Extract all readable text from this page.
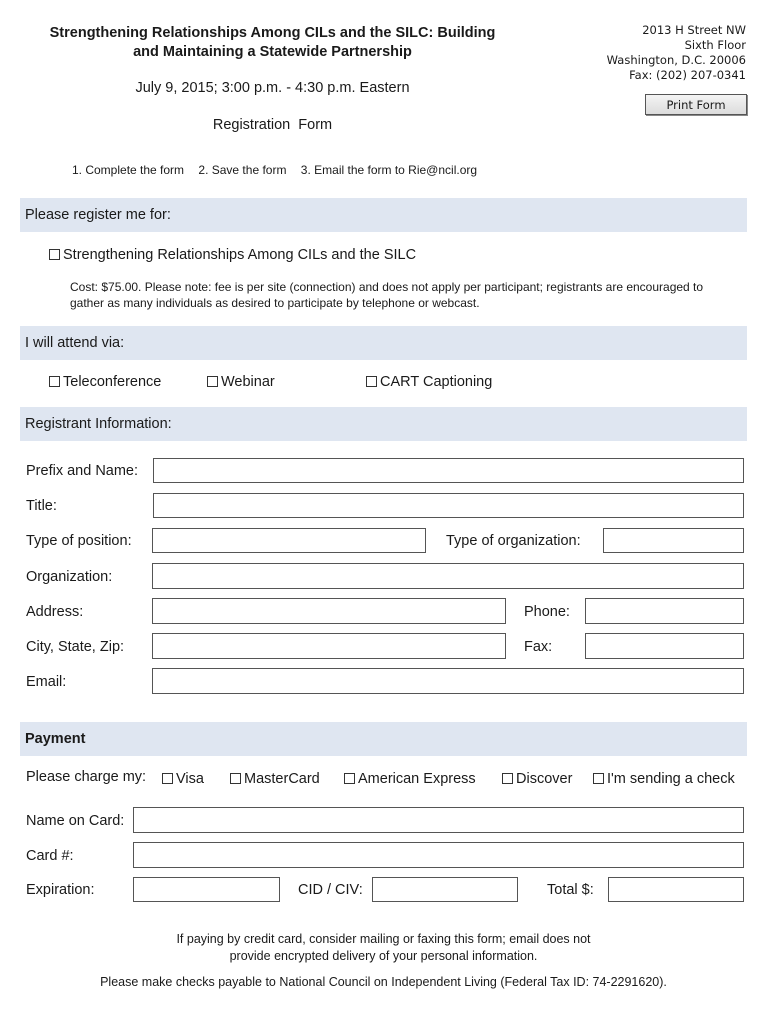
Strengthening Relationships Among CILs and the SILC: Building
and Maintaining a Statewide Partnership
July 9, 2015; 3:00 p.m. - 4:30 p.m. Eastern
Registration  Form
2013 H Street NW
Sixth Floor
Washington, D.C. 20006
Fax: (202) 207-0341
Print Form
1. Complete the form 2. Save the form 3. Email the form to Rie@ncil.org
Please register me for:
Strengthening Relationships Among CILs and the SILC
Cost: $75.00. Please note: fee is per site (connection) and does not apply per participant; registrants are encouraged to
gather as many individuals as desired to participate by telephone or webcast.
I will attend via:
Teleconference	Webinar	CART Captioning
Registrant Information:
Prefix and Name:
Title:
Type of position:	Type of organization:
Organization:
Address:	Phone:
City, State, Zip:	Fax:
Email:
Payment
Please charge my:	Visa	MasterCard	American Express	Discover	I'm sending a check
Name on Card:
Card #:
Expiration:	CID / CIV:	Total $:
If paying by credit card, consider mailing or faxing this form; email does not
provide encrypted delivery of your personal information.
Please make checks payable to National Council on Independent Living (Federal Tax ID: 74-2291620).
